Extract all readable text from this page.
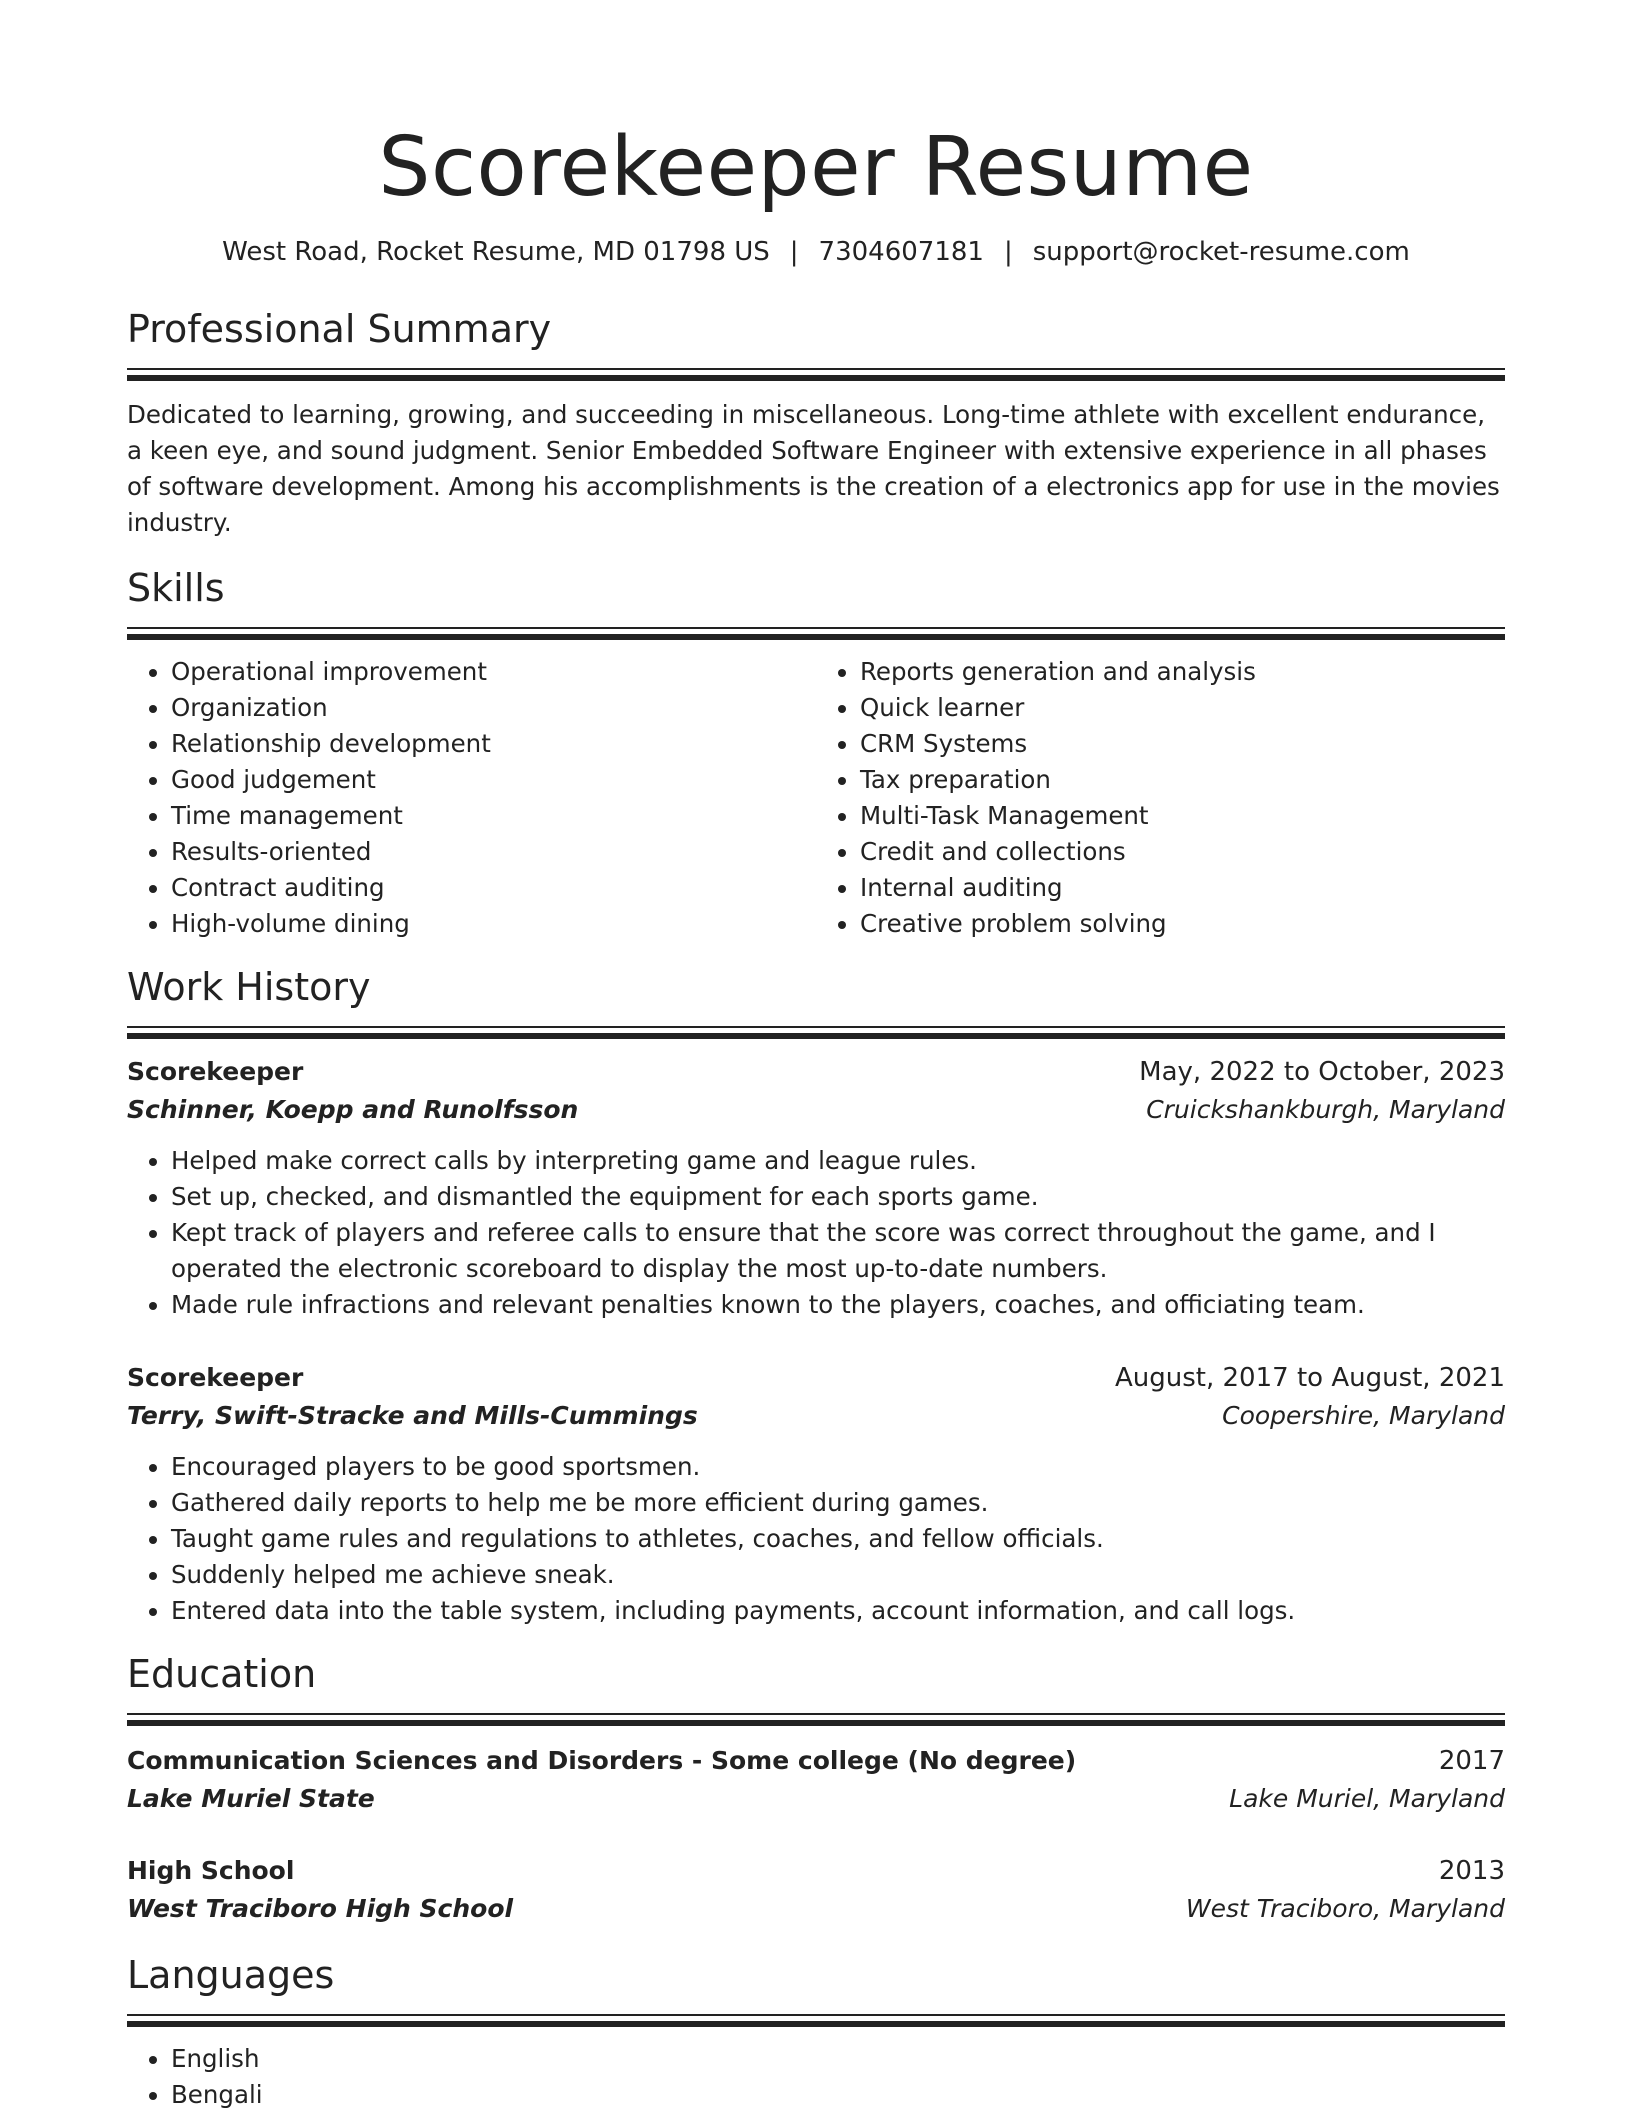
Scorekeeper Resume
West Road, Rocket Resume, MD 01798 US | 7304607181 | support@rocket-resume.com
Professional Summary

Dedicated to learning, growing, and succeeding in miscellaneous. Long-time athlete with excellent endurance, a keen eye, and sound judgment. Senior Embedded Software Engineer with extensive experience in all phases of software development. Among his accomplishments is the creation of a electronics app for use in the movies industry.

Skills
• Operational improvement
• Organization
• Relationship development
• Good judgement
• Time management
• Results-oriented
• Contract auditing
• High-volume dining
• Reports generation and analysis
• Quick learner
• CRM Systems
• Tax preparation
• Multi-Task Management
• Credit and collections
• Internal auditing
• Creative problem solving
Work History
Scorekeeper	May, 2022 to October, 2023
Schinner, Koepp and Runolfsson	Cruickshankburgh, Maryland
• Helped make correct calls by interpreting game and league rules.
• Set up, checked, and dismantled the equipment for each sports game.
• Kept track of players and referee calls to ensure that the score was correct throughout the game, and I operated the electronic scoreboard to display the most up-to-date numbers.
• Made rule infractions and relevant penalties known to the players, coaches, and officiating team.
Scorekeeper	August, 2017 to August, 2021
Terry, Swift-Stracke and Mills-Cummings	Coopershire, Maryland
• Encouraged players to be good sportsmen.
• Gathered daily reports to help me be more efficient during games.
• Taught game rules and regulations to athletes, coaches, and fellow officials.
• Suddenly helped me achieve sneak.
• Entered data into the table system, including payments, account information, and call logs.
Education
Communication Sciences and Disorders - Some college (No degree)	2017
Lake Muriel State	Lake Muriel, Maryland
High School	2013
West Traciboro High School	West Traciboro, Maryland
Languages
• English
• Bengali
